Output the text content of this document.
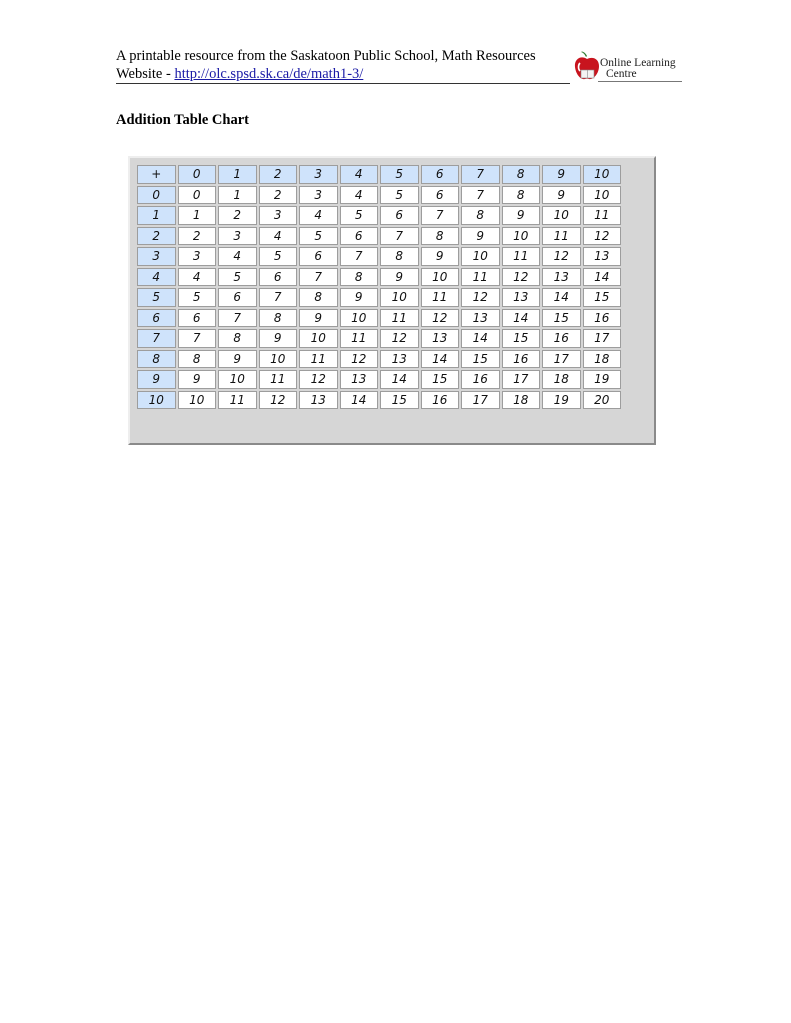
A printable resource from the Saskatoon Public School, Math Resources
Website - http://olc.spsd.sk.ca/de/math1-3/
Online Learning
Centre
Addition Table Chart
+	0	1	2	3	4	5	6	7	8	9	10
0	0	1	2	3	4	5	6	7	8	9	10
1	1	2	3	4	5	6	7	8	9	10	11
2	2	3	4	5	6	7	8	9	10	11	12
3	3	4	5	6	7	8	9	10	11	12	13
4	4	5	6	7	8	9	10	11	12	13	14
5	5	6	7	8	9	10	11	12	13	14	15
6	6	7	8	9	10	11	12	13	14	15	16
7	7	8	9	10	11	12	13	14	15	16	17
8	8	9	10	11	12	13	14	15	16	17	18
9	9	10	11	12	13	14	15	16	17	18	19
10	10	11	12	13	14	15	16	17	18	19	20
